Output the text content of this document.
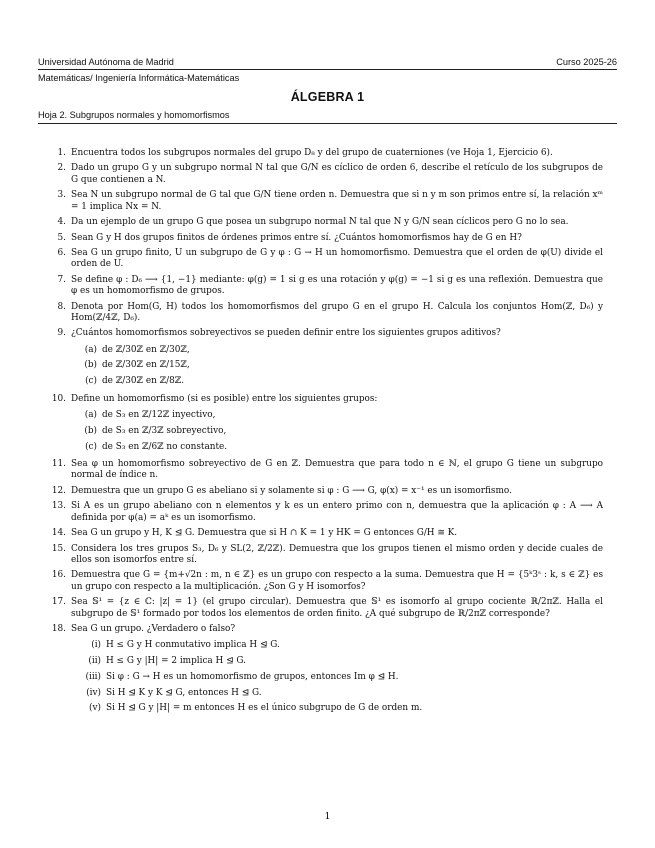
Universidad Autónoma de Madrid	Curso 2025-26
Matemáticas/ Ingeniería Informática-Matemáticas
ÁLGEBRA 1
Hoja 2. Subgrupos normales y homomorfismos
1. Encuentra todos los subgrupos normales del grupo D₈ y del grupo de cuaterniones (ve Hoja 1, Ejercicio 6).
2. Dado un grupo G y un subgrupo normal N tal que G/N es cíclico de orden 6, describe el retículo de los subgrupos de G que contienen a N.
3. Sea N un subgrupo normal de G tal que G/N tiene orden n. Demuestra que si n y m son primos entre sí, la relación xᵐ = 1 implica Nx = N.
4. Da un ejemplo de un grupo G que posea un subgrupo normal N tal que N y G/N sean cíclicos pero G no lo sea.
5. Sean G y H dos grupos finitos de órdenes primos entre sí. ¿Cuántos homomorfismos hay de G en H?
6. Sea G un grupo finito, U un subgrupo de G y φ : G → H un homomorfismo. Demuestra que el orden de φ(U) divide el orden de U.
7. Se define φ : D₆ ⟶ {1, −1} mediante: φ(g) = 1 si g es una rotación y φ(g) = −1 si g es una reflexión. Demuestra que φ es un homomorfismo de grupos.
8. Denota por Hom(G, H) todos los homomorfismos del grupo G en el grupo H. Calcula los conjuntos Hom(ℤ, D₆) y Hom(ℤ/4ℤ, D₆).
9. ¿Cuántos homomorfismos sobreyectivos se pueden definir entre los siguientes grupos aditivos?
(a) de ℤ/30ℤ en ℤ/30ℤ,
(b) de ℤ/30ℤ en ℤ/15ℤ,
(c) de ℤ/30ℤ en ℤ/8ℤ.
10. Define un homomorfismo (si es posible) entre los siguientes grupos:
(a) de S₃ en ℤ/12ℤ inyectivo,
(b) de S₃ en ℤ/3ℤ sobreyectivo,
(c) de S₃ en ℤ/6ℤ no constante.
11. Sea φ un homomorfismo sobreyectivo de G en ℤ. Demuestra que para todo n ∈ ℕ, el grupo G tiene un subgrupo normal de índice n.
12. Demuestra que un grupo G es abeliano si y solamente si φ : G ⟶ G, φ(x) = x⁻¹ es un isomorfismo.
13. Si A es un grupo abeliano con n elementos y k es un entero primo con n, demuestra que la aplicación φ : A ⟶ A definida por φ(a) = aᵏ es un isomorfismo.
14. Sea G un grupo y H, K ⊴ G. Demuestra que si H ∩ K = 1 y HK = G entonces G/H ≅ K.
15. Considera los tres grupos S₃, D₆ y SL(2, ℤ/2ℤ). Demuestra que los grupos tienen el mismo orden y decide cuales de ellos son isomorfos entre sí.
16. Demuestra que G = {m+√2n : m, n ∈ ℤ} es un grupo con respecto a la suma. Demuestra que H = {5ᵏ3ˢ : k, s ∈ ℤ} es un grupo con respecto a la multiplicación. ¿Son G y H isomorfos?
17. Sea 𝕊¹ = {z ∈ ℂ: |z| = 1} (el grupo circular). Demuestra que 𝕊¹ es isomorfo al grupo cociente ℝ/2πℤ. Halla el subgrupo de 𝕊¹ formado por todos los elementos de orden finito. ¿A qué subgrupo de ℝ/2πℤ corresponde?
18. Sea G un grupo. ¿Verdadero o falso?
(i) H ≤ G y H conmutativo implica H ⊴ G.
(ii) H ≤ G y |H| = 2 implica H ⊴ G.
(iii) Si φ : G → H es un homomorfismo de grupos, entonces Im φ ⊴ H.
(iv) Si H ⊴ K y K ⊴ G, entonces H ⊴ G.
(v) Si H ⊴ G y |H| = m entonces H es el único subgrupo de G de orden m.
1
